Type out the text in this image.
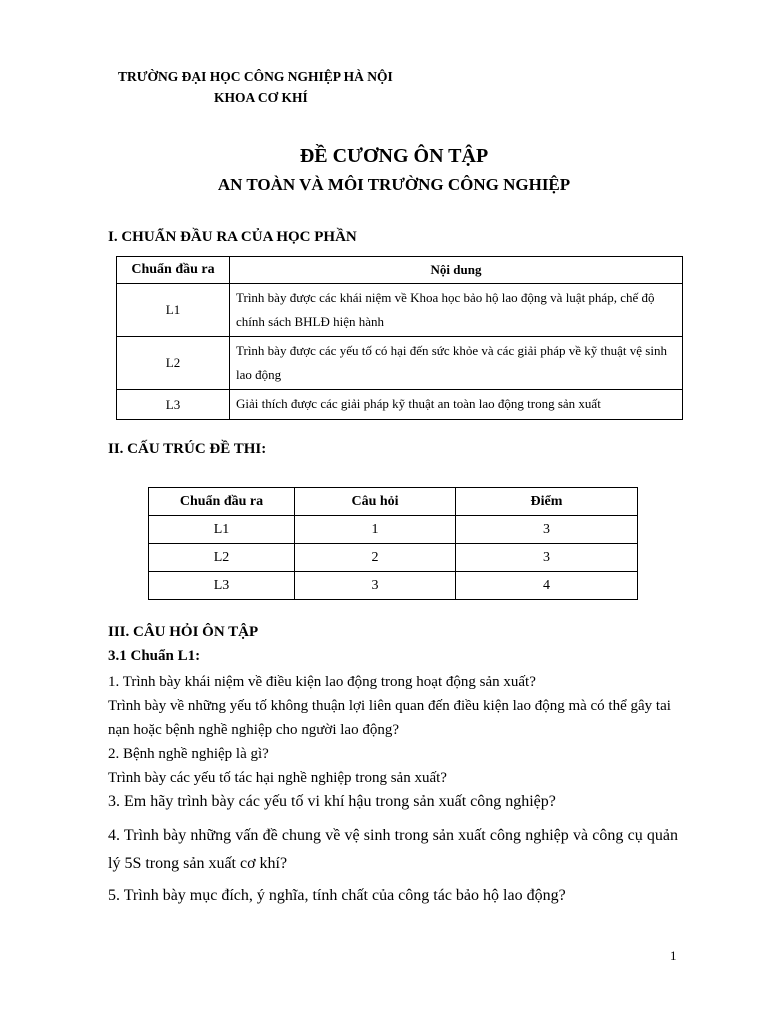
TRƯỜNG ĐẠI HỌC CÔNG NGHIỆP HÀ NỘI
KHOA CƠ KHÍ
ĐỀ CƯƠNG ÔN TẬP
AN TOÀN VÀ MÔI TRƯỜNG CÔNG NGHIỆP
I. CHUẨN ĐẦU RA CỦA HỌC PHẦN
Chuẩn đầu ra	Nội dung
L1	Trình bày được các khái niệm về Khoa học bảo hộ lao động và luật pháp, chế độ chính sách BHLĐ hiện hành
L2	Trình bày được các yếu tố có hại đến sức khỏe và các giải pháp về kỹ thuật vệ sinh lao động
L3	Giải thích được các giải pháp kỹ thuật an toàn lao động trong sản xuất
II. CẤU TRÚC ĐỀ THI:
Chuẩn đầu ra	Câu hỏi	Điểm
L1	1	3
L2	2	3
L3	3	4
III. CÂU HỎI ÔN TẬP
3.1 Chuẩn L1:
1. Trình bày khái niệm về điều kiện lao động trong hoạt động sản xuất?
Trình bày về những yếu tố không thuận lợi liên quan đến điều kiện lao động mà có thể gây tai nạn hoặc bệnh nghề nghiệp cho người lao động?
2. Bệnh nghề nghiệp là gì?
Trình bày các yếu tố tác hại nghề nghiệp trong sản xuất?
3. Em hãy trình bày các yếu tố vi khí hậu trong sản xuất công nghiệp?
4. Trình bày những vấn đề chung về vệ sinh trong sản xuất công nghiệp và công cụ quản lý 5S trong sản xuất cơ khí?
5. Trình bày mục đích, ý nghĩa, tính chất của công tác bảo hộ lao động?
1
